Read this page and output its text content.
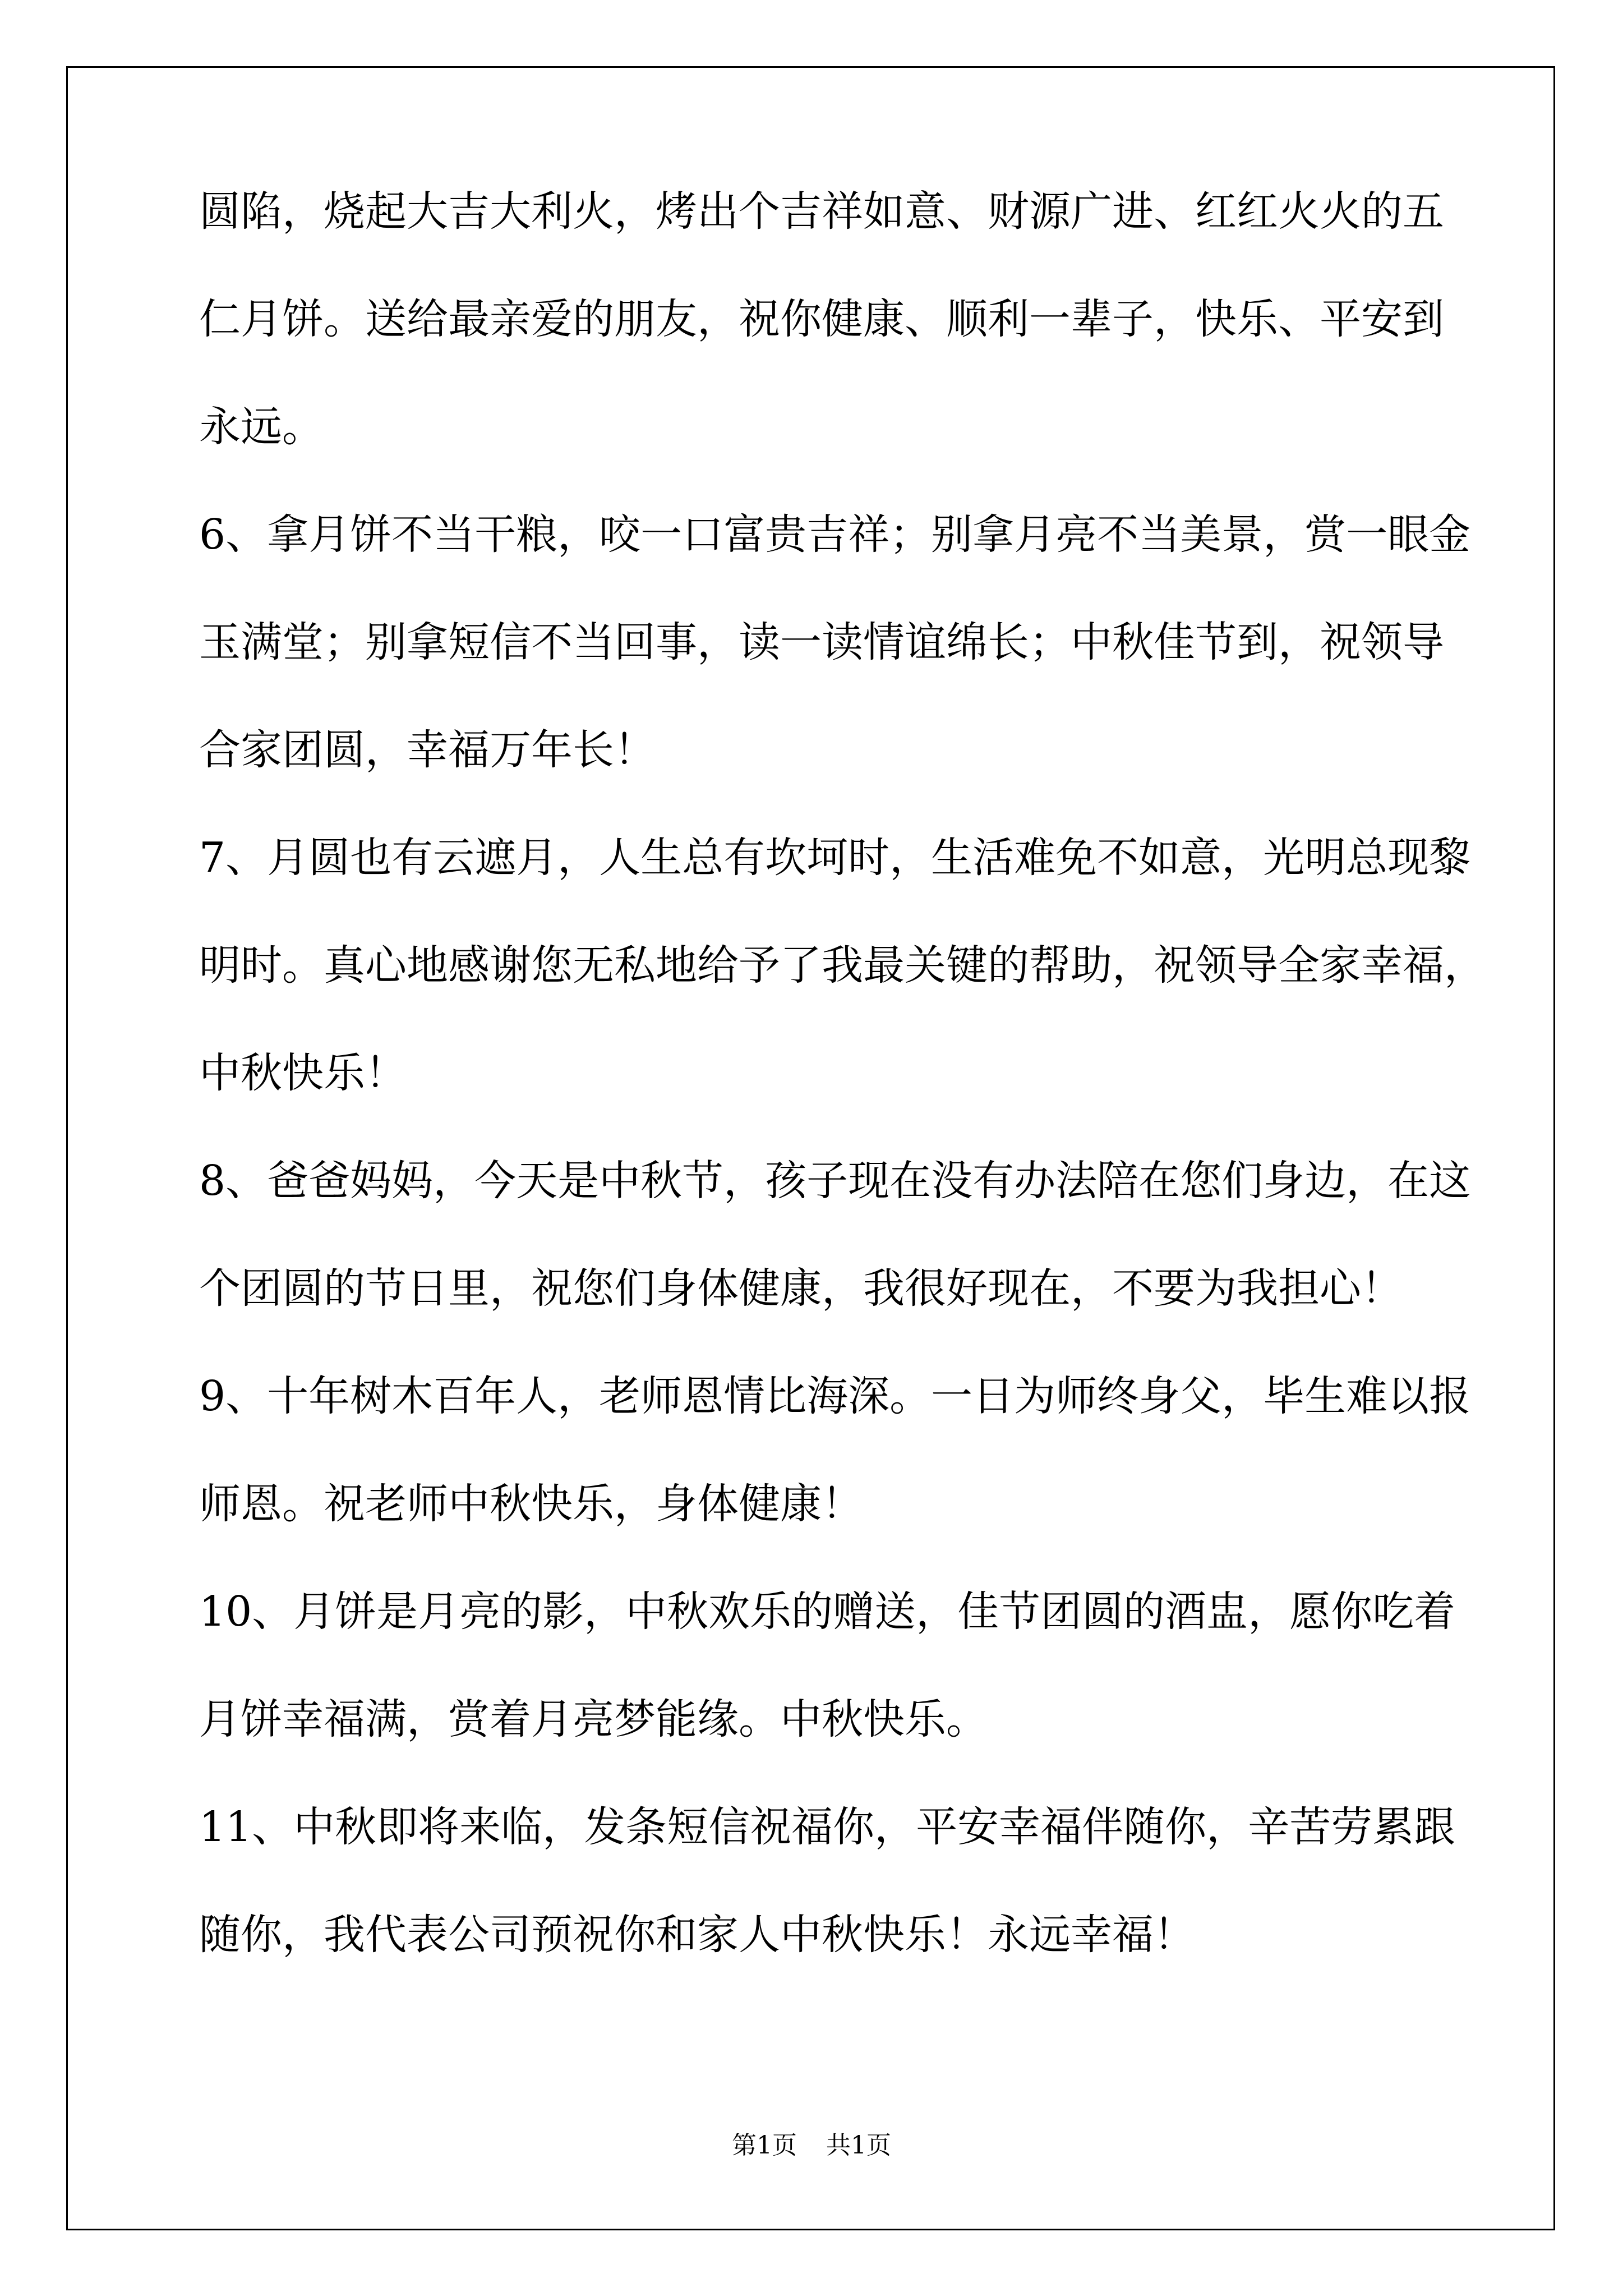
圆陷，烧起大吉大利火，烤出个吉祥如意、财源广进、红红火火的五
仁月饼。送给最亲爱的朋友，祝你健康、顺利一辈子，快乐、平安到
永远。
6、拿月饼不当干粮，咬一口富贵吉祥；别拿月亮不当美景，赏一眼金
玉满堂；别拿短信不当回事，读一读情谊绵长；中秋佳节到，祝领导
合家团圆，幸福万年长！
7、月圆也有云遮月，人生总有坎坷时，生活难免不如意，光明总现黎
明时。真心地感谢您无私地给予了我最关键的帮助，祝领导全家幸福，
中秋快乐！
8、爸爸妈妈，今天是中秋节，孩子现在没有办法陪在您们身边，在这
个团圆的节日里，祝您们身体健康，我很好现在，不要为我担心！
9、十年树木百年人，老师恩情比海深。一日为师终身父，毕生难以报
师恩。祝老师中秋快乐，身体健康！
10、月饼是月亮的影，中秋欢乐的赠送，佳节团圆的酒盅，愿你吃着
月饼幸福满，赏着月亮梦能缘。中秋快乐。
11、中秋即将来临，发条短信祝福你，平安幸福伴随你，辛苦劳累跟
随你，我代表公司预祝你和家人中秋快乐！永远幸福！
第1页 共1页
